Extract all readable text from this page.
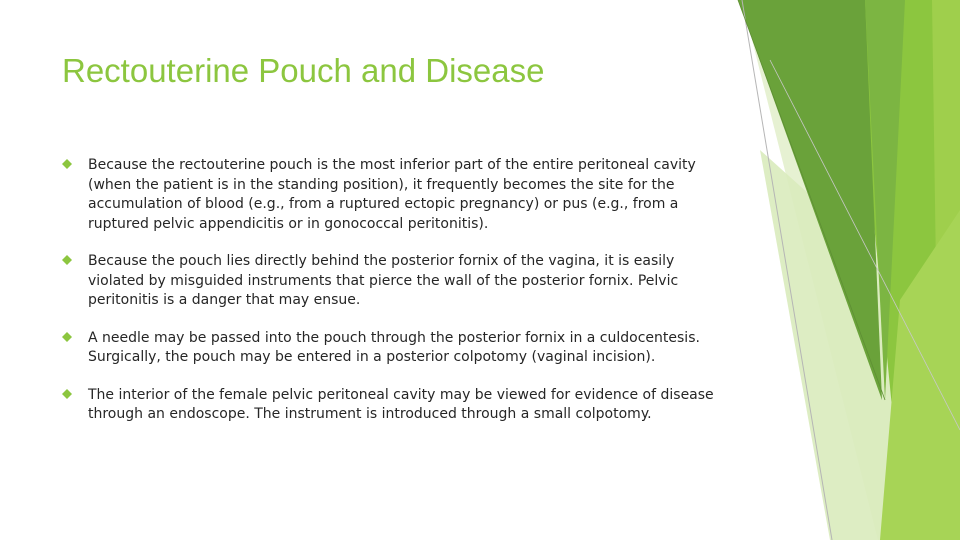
Rectouterine Pouch and Disease
Because the rectouterine pouch is the most inferior part of the entire peritoneal cavity (when the patient is in the standing position), it frequently becomes the site for the accumulation of blood (e.g., from a ruptured ectopic pregnancy) or pus (e.g., from a ruptured pelvic appendicitis or in gonococcal peritonitis).
Because the pouch lies directly behind the posterior fornix of the vagina, it is easily violated by misguided instruments that pierce the wall of the posterior fornix. Pelvic peritonitis is a danger that may ensue.
A needle may be passed into the pouch through the posterior fornix in a culdocentesis. Surgically, the pouch may be entered in a posterior colpotomy (vaginal incision).
The interior of the female pelvic peritoneal cavity may be viewed for evidence of disease through an endoscope. The instrument is introduced through a small colpotomy.
